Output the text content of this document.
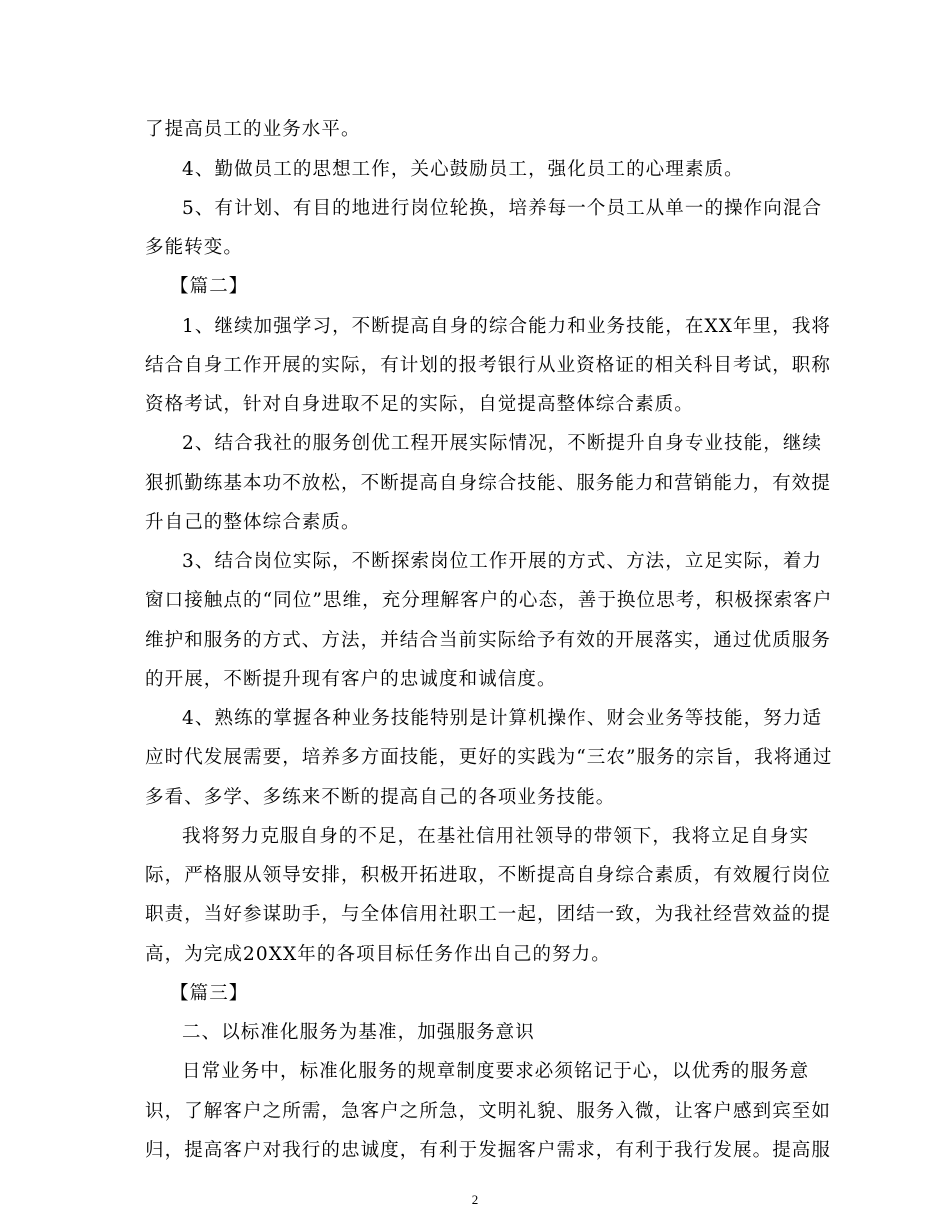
了提高员工的业务水平。
4、勤做员工的思想工作，关心鼓励员工，强化员工的心理素质。
5、有计划、有目的地进行岗位轮换，培养每一个员工从单一的操作向混合
多能转变。
【篇二】
1、继续加强学习，不断提高自身的综合能力和业务技能，在XX年里，我将
结合自身工作开展的实际，有计划的报考银行从业资格证的相关科目考试，职称
资格考试，针对自身进取不足的实际，自觉提高整体综合素质。
2、结合我社的服务创优工程开展实际情况，不断提升自身专业技能，继续
狠抓勤练基本功不放松，不断提高自身综合技能、服务能力和营销能力，有效提
升自己的整体综合素质。
3、结合岗位实际，不断探索岗位工作开展的方式、方法，立足实际，着力
窗口接触点的“同位”思维，充分理解客户的心态，善于换位思考，积极探索客户
维护和服务的方式、方法，并结合当前实际给予有效的开展落实，通过优质服务
的开展，不断提升现有客户的忠诚度和诚信度。
4、熟练的掌握各种业务技能特别是计算机操作、财会业务等技能，努力适
应时代发展需要，培养多方面技能，更好的实践为“三农”服务的宗旨，我将通过
多看、多学、多练来不断的提高自己的各项业务技能。
我将努力克服自身的不足，在基社信用社领导的带领下，我将立足自身实
际，严格服从领导安排，积极开拓进取，不断提高自身综合素质，有效履行岗位
职责，当好参谋助手，与全体信用社职工一起，团结一致，为我社经营效益的提
高，为完成20XX年的各项目标任务作出自己的努力。
【篇三】
二、以标准化服务为基准，加强服务意识
日常业务中，标准化服务的规章制度要求必须铭记于心，以优秀的服务意
识，了解客户之所需，急客户之所急，文明礼貌、服务入微，让客户感到宾至如
归，提高客户对我行的忠诚度，有利于发掘客户需求，有利于我行发展。提高服
2
